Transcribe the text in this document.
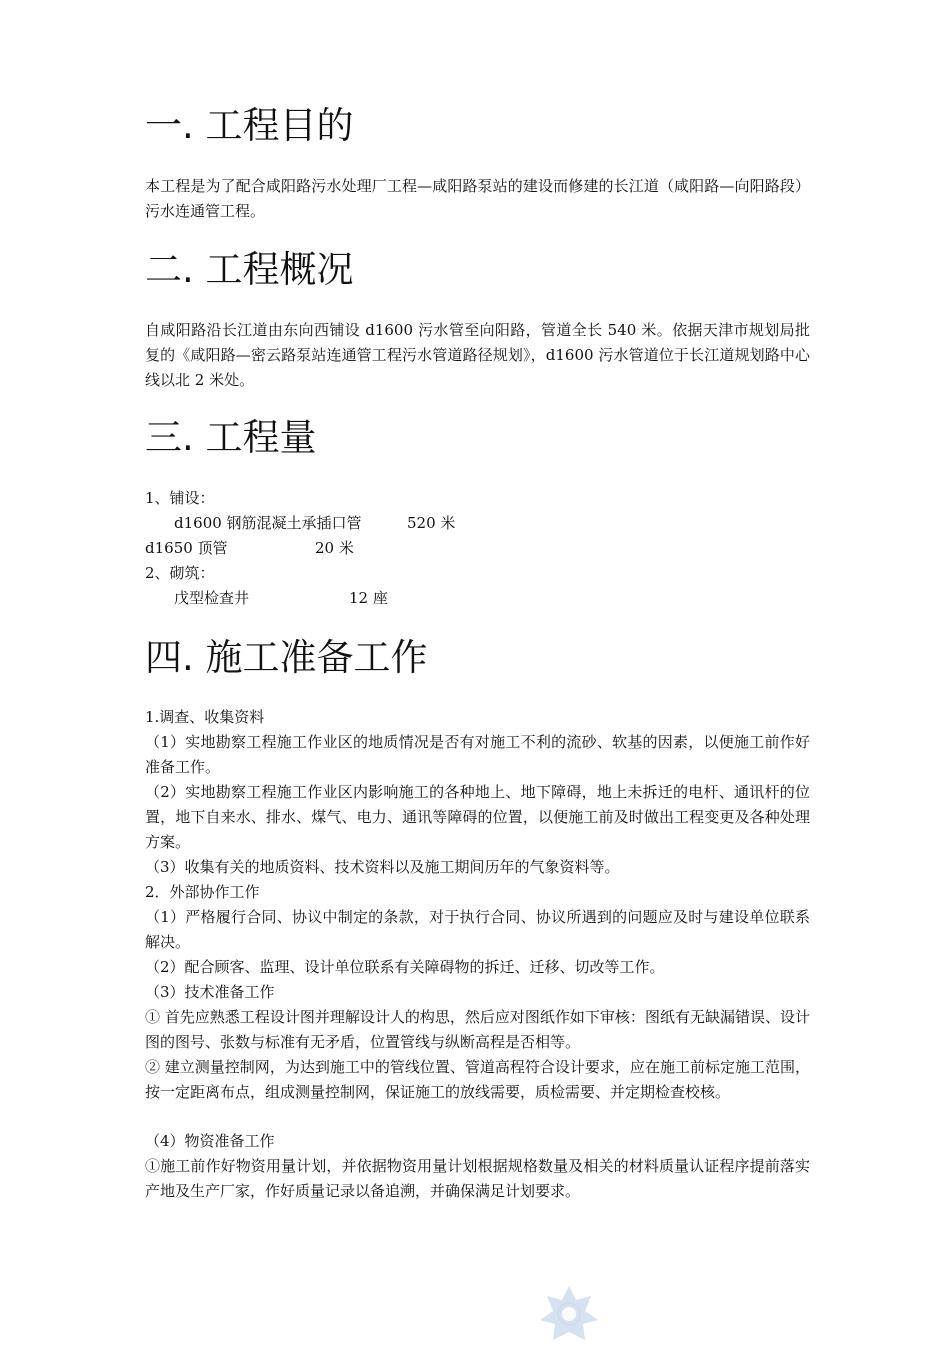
一. 工程目的

本工程是为了配合咸阳路污水处理厂工程—咸阳路泵站的建设而修建的长江道（咸阳路—向阳路段）污水连通管工程。

二. 工程概况

自咸阳路沿长江道由东向西铺设 d1600 污水管至向阳路，管道全长 540 米。依据天津市规划局批复的《咸阳路—密云路泵站连通管工程污水管道路径规划》，d1600 污水管道位于长江道规划路中心线以北 2 米处。

三. 工程量
1、铺设：
d1600 钢筋混凝土承插口管	520 米
d1650 顶管	20 米
2、砌筑：
戊型检查井	12 座
四. 施工准备工作

1.调查、收集资料

（1）实地勘察工程施工作业区的地质情况是否有对施工不利的流砂、软基的因素，以便施工前作好准备工作。

（2）实地勘察工程施工作业区内影响施工的各种地上、地下障碍，地上未拆迁的电杆、通讯杆的位置，地下自来水、排水、煤气、电力、通讯等障碍的位置，以便施工前及时做出工程变更及各种处理方案。

（3）收集有关的地质资料、技术资料以及施工期间历年的气象资料等。

2．外部协作工作

（1）严格履行合同、协议中制定的条款，对于执行合同、协议所遇到的问题应及时与建设单位联系解决。

（2）配合顾客、监理、设计单位联系有关障碍物的拆迁、迁移、切改等工作。

（3）技术准备工作

① 首先应熟悉工程设计图并理解设计人的构思，然后应对图纸作如下审核：图纸有无缺漏错误、设计图的图号、张数与标准有无矛盾，位置管线与纵断高程是否相等。

② 建立测量控制网，为达到施工中的管线位置、管道高程符合设计要求，应在施工前标定施工范围，按一定距离布点，组成测量控制网，保证施工的放线需要，质检需要、并定期检查校核。

（4）物资准备工作

①施工前作好物资用量计划，并依据物资用量计划根据规格数量及相关的材料质量认证程序提前落实产地及生产厂家，作好质量记录以备追溯，并确保满足计划要求。
